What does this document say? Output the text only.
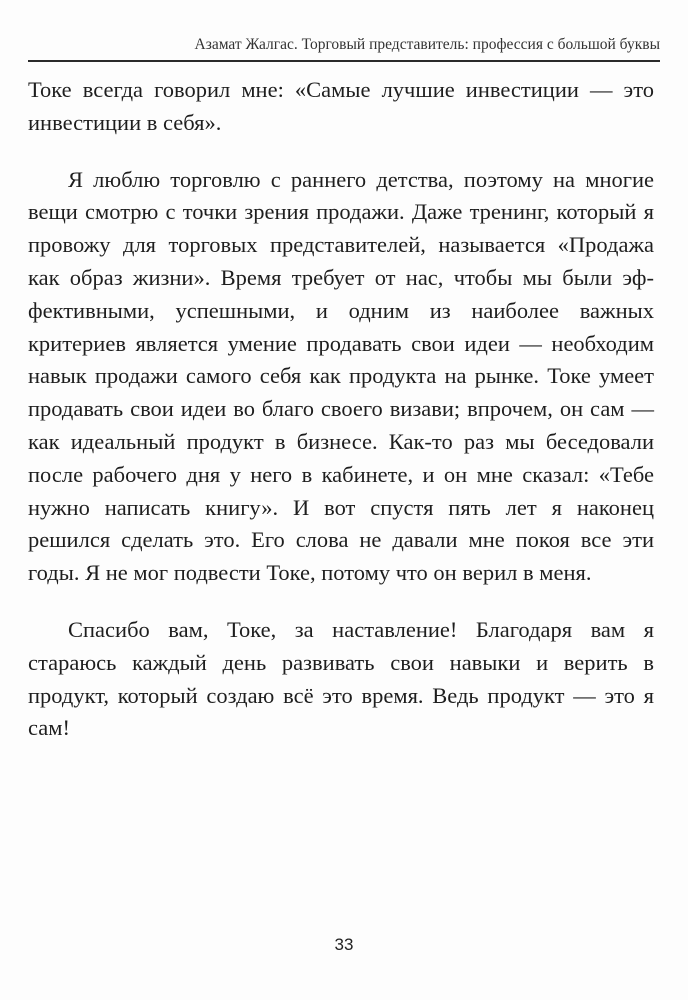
Азамат Жалгас. Торговый представитель: профессия с большой буквы

Токе всегда говорил мне: «Самые лучшие инвестиции — это инвестиции в себя».

Я люблю торговлю с раннего детства, поэтому на многие вещи смотрю с точки зрения продажи. Даже тренинг, который я провожу для торговых представителей, называется «Продажа как образ жизни». Время требует от нас, чтобы мы были эффективными, успешными, и одним из наиболее важных критериев является умение продавать свои идеи — необходим навык продажи самого себя как продукта на рынке. Токе умеет продавать свои идеи во благо своего визави; впрочем, он сам — как идеальный продукт в бизнесе. Как-то раз мы беседовали после рабочего дня у него в кабинете, и он мне сказал: «Тебе нужно написать книгу». И вот спустя пять лет я наконец решился сделать это. Его слова не давали мне покоя все эти годы. Я не мог подвести Токе, потому что он верил в меня.

Спасибо вам, Токе, за наставление! Благодаря вам я стараюсь каждый день развивать свои навыки и верить в продукт, который создаю всё это время. Ведь продукт — это я сам!

33
